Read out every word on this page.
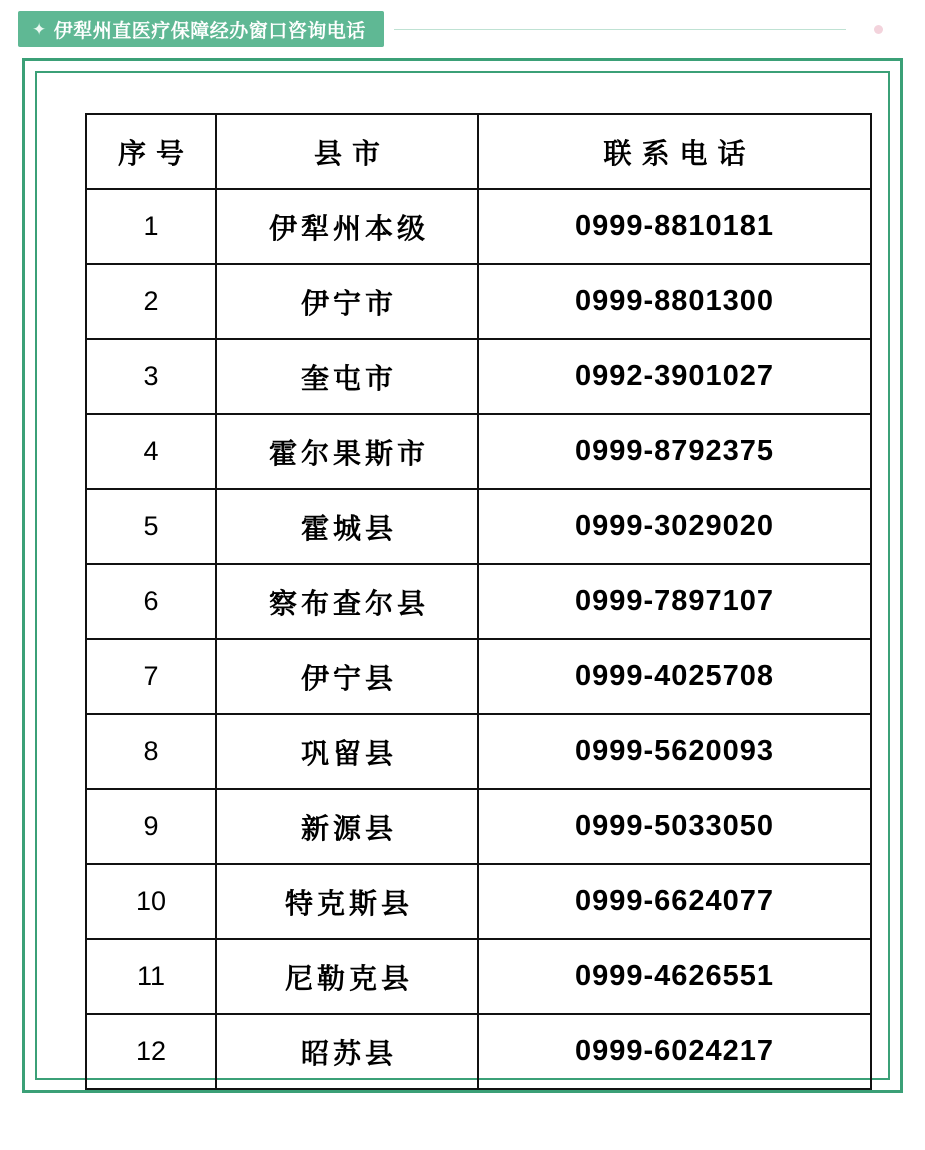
✦ 伊犁州直医疗保障经办窗口咨询电话
序号	县市	联系电话
1	伊犁州本级	0999-8810181
2	伊宁市	0999-8801300
3	奎屯市	0992-3901027
4	霍尔果斯市	0999-8792375
5	霍城县	0999-3029020
6	察布查尔县	0999-7897107
7	伊宁县	0999-4025708
8	巩留县	0999-5620093
9	新源县	0999-5033050
10	特克斯县	0999-6624077
11	尼勒克县	0999-4626551
12	昭苏县	0999-6024217
